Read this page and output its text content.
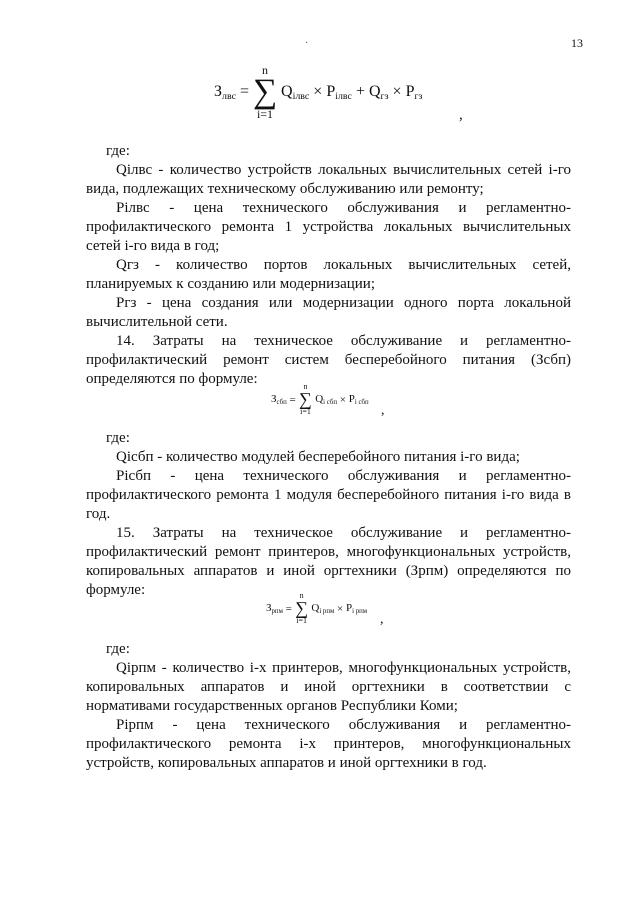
13
·
$З_{лвс}$ =
n
∑
i=1
$Q_{iлвс} \times P_{iлвс} + Q_{гз} \times P_{гз}$
,

где:

Qiлвс - количество устройств локальных вычислительных сетей i-го вида, подлежащих техническому обслуживанию или ремонту;

Piлвс - цена технического обслуживания и регламентно-профилактического ремонта 1 устройства локальных вычислительных сетей i-го вида в год;

Qгз - количество портов локальных вычислительных сетей, планируемых к созданию или модернизации;

Pгз - цена создания или модернизации одного порта локальной вычислительной сети.

14. Затраты на техническое обслуживание и регламентно-профилактический ремонт систем бесперебойного питания (Зсбп) определяются по формуле:

$З_{сбп}$ =
n
∑
i=1
$Q_{i сбп} \times P_{i сбп}$
,

где:

Qiсбп - количество модулей бесперебойного питания i-го вида;

Piсбп - цена технического обслуживания и регламентно-профилактического ремонта 1 модуля бесперебойного питания i-го вида в год.

15. Затраты на техническое обслуживание и регламентно-профилактический ремонт принтеров, многофункциональных устройств, копировальных аппаратов и иной оргтехники (Зрпм) определяются по формуле:

$З_{рпм}$ =
n
∑
i=1
$Q_{i рпм} \times P_{i рпм}$
,

где:

Qiрпм - количество i-х принтеров, многофункциональных устройств, копировальных аппаратов и иной оргтехники в соответствии с нормативами государственных органов Республики Коми;

Piрпм - цена технического обслуживания и регламентно-профилактического ремонта i-х принтеров, многофункциональных устройств, копировальных аппаратов и иной оргтехники в год.
